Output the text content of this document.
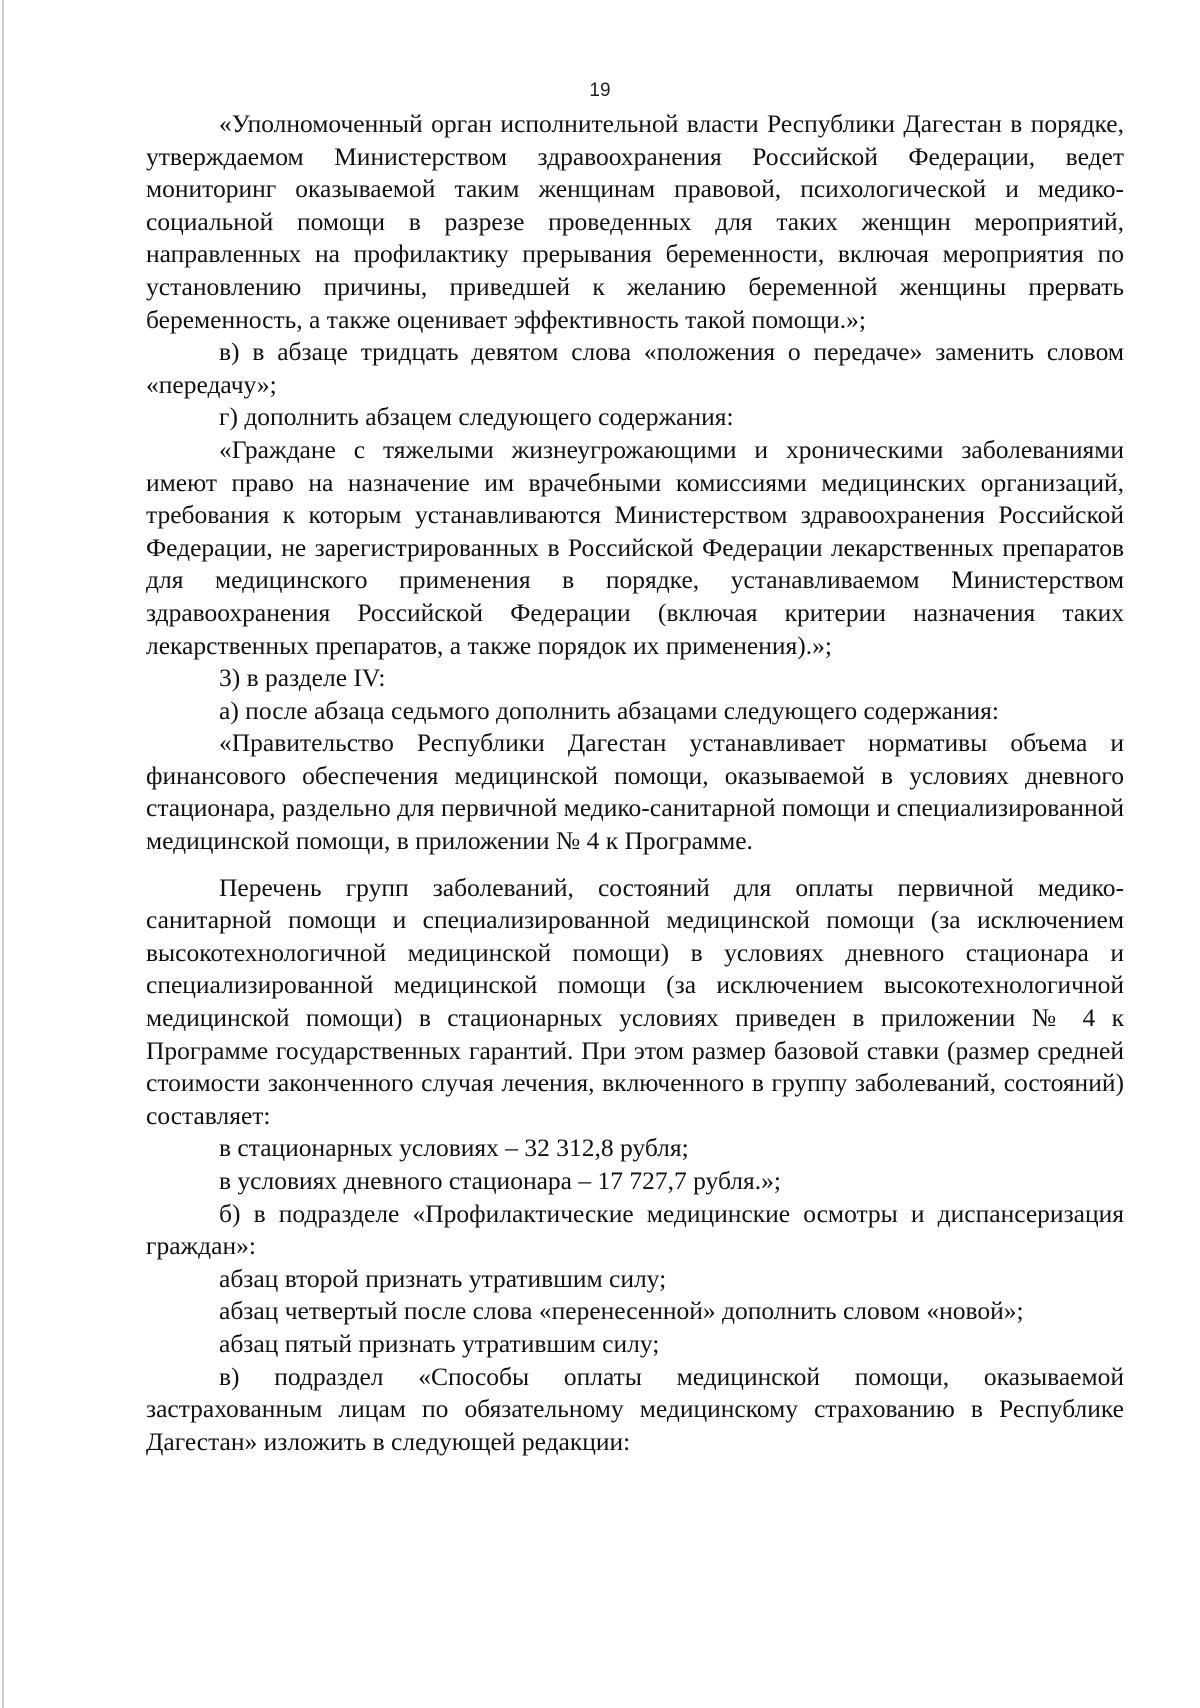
19

«Уполномоченный орган исполнительной власти Республики Дагестан в порядке, утверждаемом Министерством здравоохранения Российской Федерации, ведет мониторинг оказываемой таким женщинам правовой, психологической и медико-социальной помощи в разрезе проведенных для таких женщин мероприятий, направленных на профилактику прерывания беременности, включая мероприятия по установлению причины, приведшей к желанию беременной женщины прервать беременность, а также оценивает эффективность такой помощи.»;

в) в абзаце тридцать девятом слова «положения о передаче» заменить словом «передачу»;

г) дополнить абзацем следующего содержания:

«Граждане с тяжелыми жизнеугрожающими и хроническими заболеваниями имеют право на назначение им врачебными комиссиями медицинских организаций, требования к которым устанавливаются Министерством здравоохранения Российской Федерации, не зарегистрированных в Российской Федерации лекарственных препаратов для медицинского применения в порядке, устанавливаемом Министерством здравоохранения Российской Федерации (включая критерии назначения таких лекарственных препаратов, а также порядок их применения).»;

3) в разделе IV:

а) после абзаца седьмого дополнить абзацами следующего содержания:

«Правительство Республики Дагестан устанавливает нормативы объема и финансового обеспечения медицинской помощи, оказываемой в условиях дневного стационара, раздельно для первичной медико-санитарной помощи и специализированной медицинской помощи, в приложении № 4 к Программе.

Перечень групп заболеваний, состояний для оплаты первичной медико-санитарной помощи и специализированной медицинской помощи (за исключением высокотехнологичной медицинской помощи) в условиях дневного стационара и специализированной медицинской помощи (за исключением высокотехнологичной медицинской помощи) в стационарных условиях приведен в приложении № 4 к Программе государственных гарантий. При этом размер базовой ставки (размер средней стоимости законченного случая лечения, включенного в группу заболеваний, состояний) составляет:

в стационарных условиях – 32 312,8 рубля;

в условиях дневного стационара – 17 727,7 рубля.»;

б) в подразделе «Профилактические медицинские осмотры и диспансеризация граждан»:

абзац второй признать утратившим силу;

абзац четвертый после слова «перенесенной» дополнить словом «новой»;

абзац пятый признать утратившим силу;

в) подраздел «Способы оплаты медицинской помощи, оказываемой застрахованным лицам по обязательному медицинскому страхованию в Республике Дагестан» изложить в следующей редакции:
